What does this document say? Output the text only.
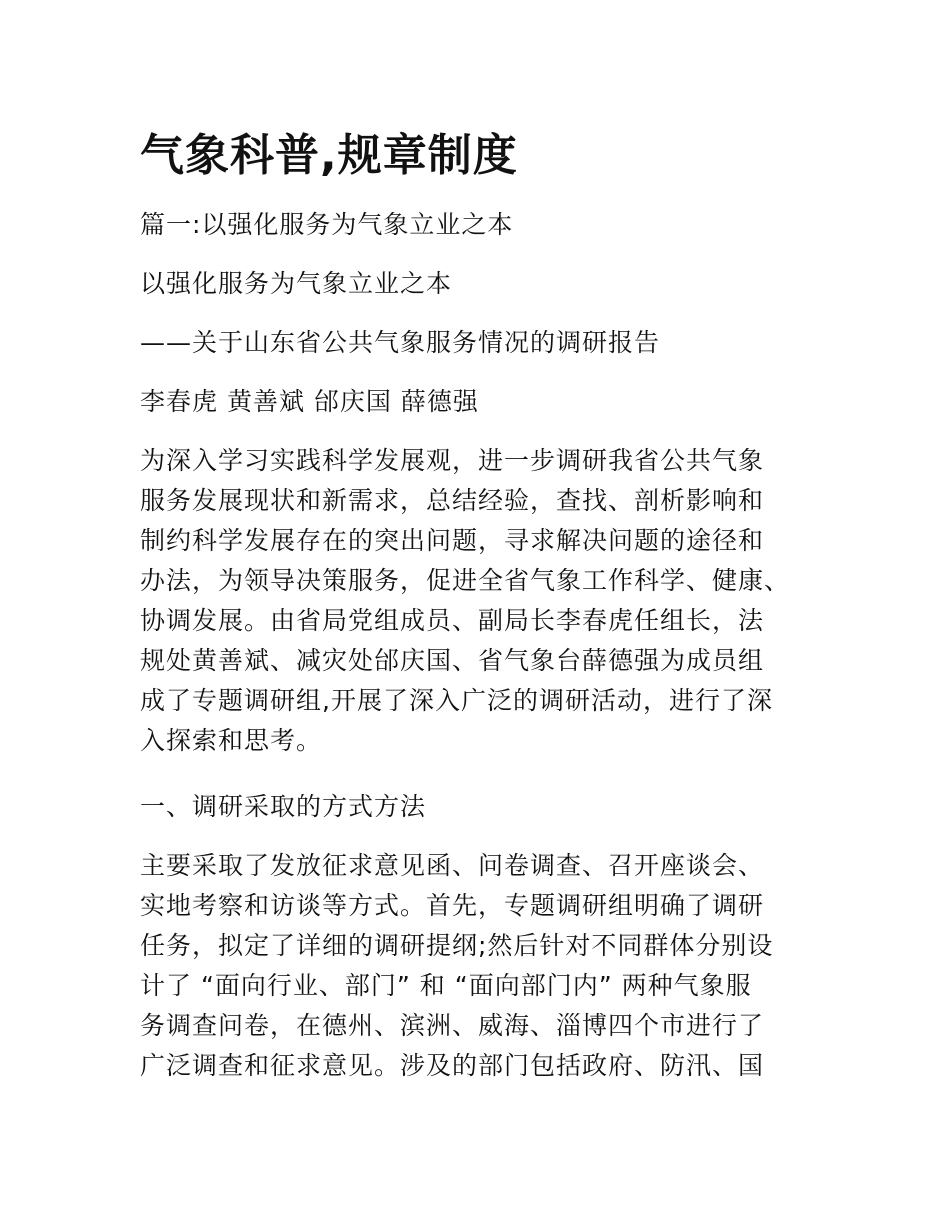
气象科普,规章制度

篇一:以强化服务为气象立业之本

以强化服务为气象立业之本

——关于山东省公共气象服务情况的调研报告

李春虎 黄善斌 邰庆国 薛德强

为深入学习实践科学发展观，进一步调研我省公共气象
服务发展现状和新需求，总结经验，查找、剖析影响和
制约科学发展存在的突出问题，寻求解决问题的途径和
办法，为领导决策服务，促进全省气象工作科学、健康、
协调发展。由省局党组成员、副局长李春虎任组长，法
规处黄善斌、减灾处邰庆国、省气象台薛德强为成员组
成了专题调研组,开展了深入广泛的调研活动，进行了深
入探索和思考。

一、调研采取的方式方法

主要采取了发放征求意见函、问卷调查、召开座谈会、
实地考察和访谈等方式。首先，专题调研组明确了调研
任务，拟定了详细的调研提纲;然后针对不同群体分别设
计了 “面向行业、部门” 和 “面向部门内” 两种气象服
务调查问卷，在德州、滨洲、威海、淄博四个市进行了
广泛调查和征求意见。涉及的部门包括政府、防汛、国
